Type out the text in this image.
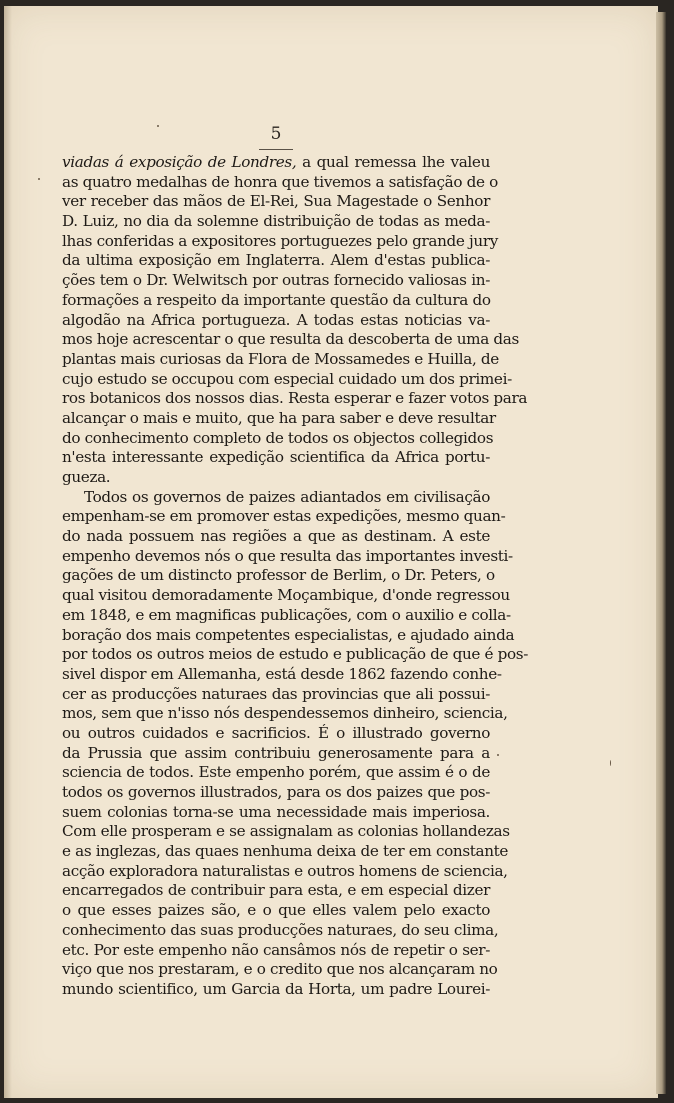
5
viadas á exposição de Londres, a qual remessa lhe valeu
as quatro medalhas de honra que tivemos a satisfação de o
ver receber das mãos de El-Rei, Sua Magestade o Senhor
D. Luiz, no dia da solemne distribuição de todas as meda-
lhas conferidas a expositores portuguezes pelo grande jury
da ultima exposição em Inglaterra. Alem d'estas publica-
ções tem o Dr. Welwitsch por outras fornecido valiosas in-
formações a respeito da importante questão da cultura do
algodão na Africa portugueza. A todas estas noticias va-
mos hoje acrescentar o que resulta da descoberta de uma das
plantas mais curiosas da Flora de Mossamedes e Huilla, de
cujo estudo se occupou com especial cuidado um dos primei-
ros botanicos dos nossos dias. Resta esperar e fazer votos para
alcançar o mais e muito, que ha para saber e deve resultar
do conhecimento completo de todos os objectos collegidos
n'esta interessante expedição scientifica da Africa portu-
gueza.
Todos os governos de paizes adiantados em civilisação
empenham-se em promover estas expedições, mesmo quan-
do nada possuem nas regiões a que as destinam. A este
empenho devemos nós o que resulta das importantes investi-
gações de um distincto professor de Berlim, o Dr. Peters, o
qual visitou demoradamente Moçambique, d'onde regressou
em 1848, e em magnificas publicações, com o auxilio e colla-
boração dos mais competentes especialistas, e ajudado ainda
por todos os outros meios de estudo e publicação de que é pos-
sivel dispor em Allemanha, está desde 1862 fazendo conhe-
cer as producções naturaes das provincias que ali possui-
mos, sem que n'isso nós despendessemos dinheiro, sciencia,
ou outros cuidados e sacrificios. É o illustrado governo
da Prussia que assim contribuiu generosamente para a
sciencia de todos. Este empenho porém, que assim é o de
todos os governos illustrados, para os dos paizes que pos-
suem colonias torna-se uma necessidade mais imperiosa.
Com elle prosperam e se assignalam as colonias hollandezas
e as inglezas, das quaes nenhuma deixa de ter em constante
acção exploradora naturalistas e outros homens de sciencia,
encarregados de contribuir para esta, e em especial dizer
o que esses paizes são, e o que elles valem pelo exacto
conhecimento das suas producções naturaes, do seu clima,
etc. Por este empenho não cansâmos nós de repetir o ser-
viço que nos prestaram, e o credito que nos alcançaram no
mundo scientifico, um Garcia da Horta, um padre Lourei-
